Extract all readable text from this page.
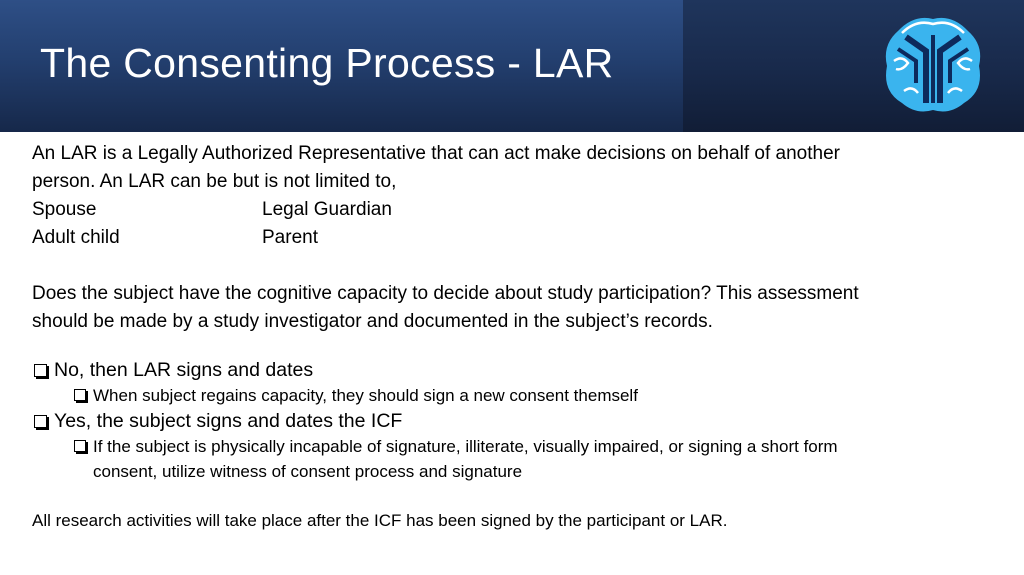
The Consenting Process - LAR

An LAR is a Legally Authorized Representative that can act make decisions on behalf of another

person. An LAR can be but is not limited to,

Spouse	Legal Guardian
Adult child	Parent

Does the subject have the cognitive capacity to decide about study participation? This assessment

should be made by a study investigator and documented in the subject’s records.

No, then LAR signs and dates
When subject regains capacity, they should sign a new consent themself
Yes, the subject signs and dates the ICF
If the subject is physically incapable of signature, illiterate, visually impaired, or signing a short form
consent, utilize witness of consent process and signature

All research activities will take place after the ICF has been signed by the participant or LAR.
